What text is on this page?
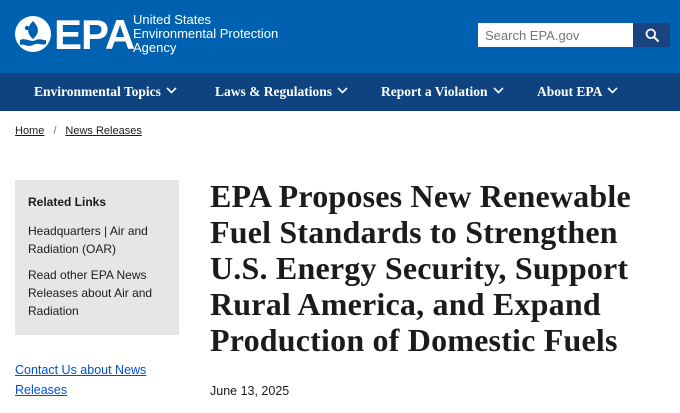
EPA
United States
Environmental Protection
Agency
Search EPA.gov
Environmental Topics	Laws & Regulations	Report a Violation	About EPA
Home / News Releases
Related Links
Headquarters | Air and Radiation (OAR)
Read other EPA News Releases about Air and Radiation
Contact Us about News Releases
EPA Proposes New Renewable Fuel Standards to Strengthen U.S. Energy Security, Support Rural America, and Expand Production of Domestic Fuels
June 13, 2025
